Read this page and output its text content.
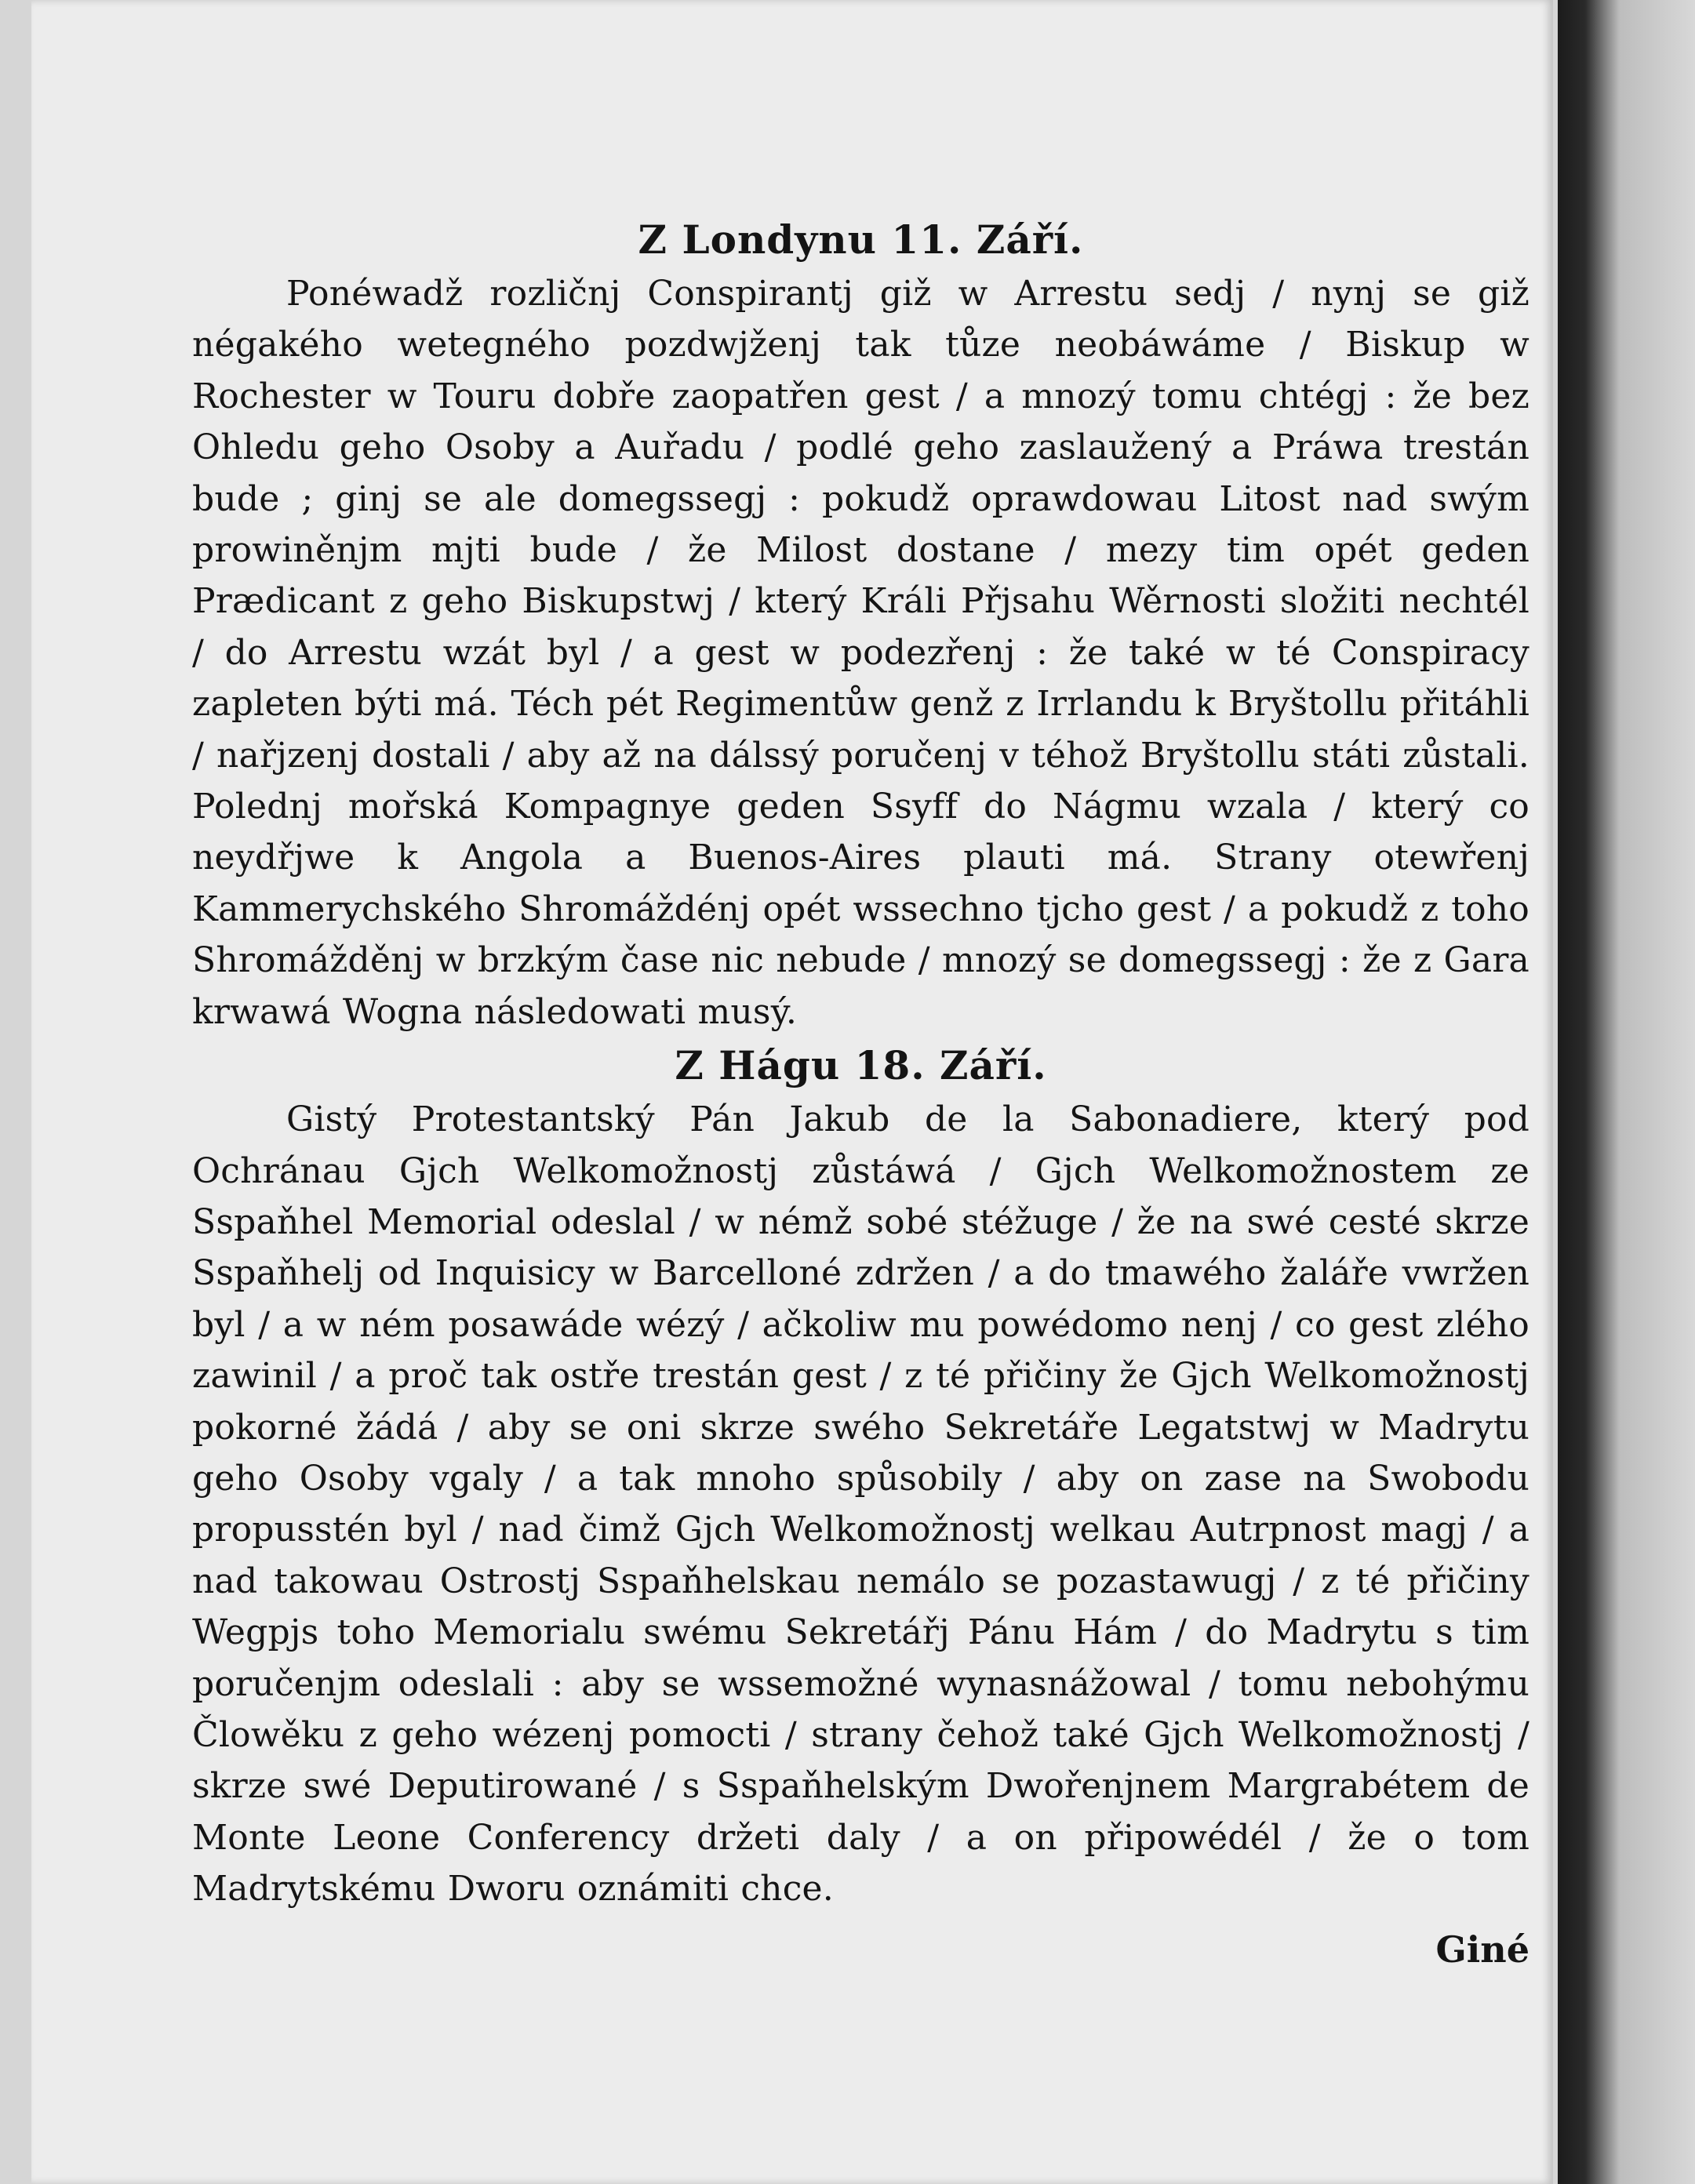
Z Londynu 11. Září.

Ponéwadž rozličnj Conspirantj giž w Arrestu sedj / nynj se giž négakého wetegného pozdwjženj tak tůze neobáwáme / Biskup w Rochester w Touru dobře zaopatřen gest / a mnozý tomu chtégj : že bez Ohledu geho Osoby a Auřadu / podlé geho zaslaužený a Práwa trestán bude ; ginj se ale domegssegj : pokudž oprawdowau Litost nad swým prowiněnjm mjti bude / že Milost dostane / mezy tim opét geden Prædicant z geho Biskupstwj / který Králi Přjsahu Wěrnosti složiti nechtél / do Arrestu wzát byl / a gest w podezřenj : že také w té Conspiracy zapleten býti má. Téch pét Regimentůw genž z Irrlandu k Bryštollu přitáhli / nařjzenj dostali / aby až na dálssý poručenj v téhož Bryštollu státi zůstali. Polednj mořská Kompagnye geden Ssyff do Nágmu wzala / který co neydřjwe k Angola a Buenos-Aires plauti má. Strany otewřenj Kammerychského Shromáždénj opét wssechno tjcho gest / a pokudž z toho Shromážděnj w brzkým čase nic nebude / mnozý se domegssegj : že z Gara krwawá Wogna následowati musý.

Z Hágu 18. Září.

Gistý Protestantský Pán Jakub de la Sabonadiere, který pod Ochránau Gjch Welkomožnostj zůstáwá / Gjch Welkomožnostem ze Sspaňhel Memorial odeslal / w némž sobé stéžuge / že na swé cesté skrze Sspaňhelj od Inquisicy w Barcelloné zdržen / a do tmawého žaláře vwržen byl / a w ném posawáde wézý / ačkoliw mu powédomo nenj / co gest zlého zawinil / a proč tak ostře trestán gest / z té přičiny že Gjch Welkomožnostj pokorné žádá / aby se oni skrze swého Sekretáře Legatstwj w Madrytu geho Osoby vgaly / a tak mnoho spůsobily / aby on zase na Swobodu propusstén byl / nad čimž Gjch Welkomožnostj welkau Autrpnost magj / a nad takowau Ostrostj Sspaňhelskau nemálo se pozastawugj / z té přičiny Wegpjs toho Memorialu swému Sekretářj Pánu Hám / do Madrytu s tim poručenjm odeslali : aby se wssemožné wynasnážowal / tomu nebohýmu Člowěku z geho wézenj pomocti / strany čehož také Gjch Welkomožnostj / skrze swé Deputirowané / s Sspaňhelským Dwořenjnem Margrabétem de Monte Leone Conferency držeti daly / a on připowédél / že o tom Madrytskému Dworu oznámiti chce.

Giné
